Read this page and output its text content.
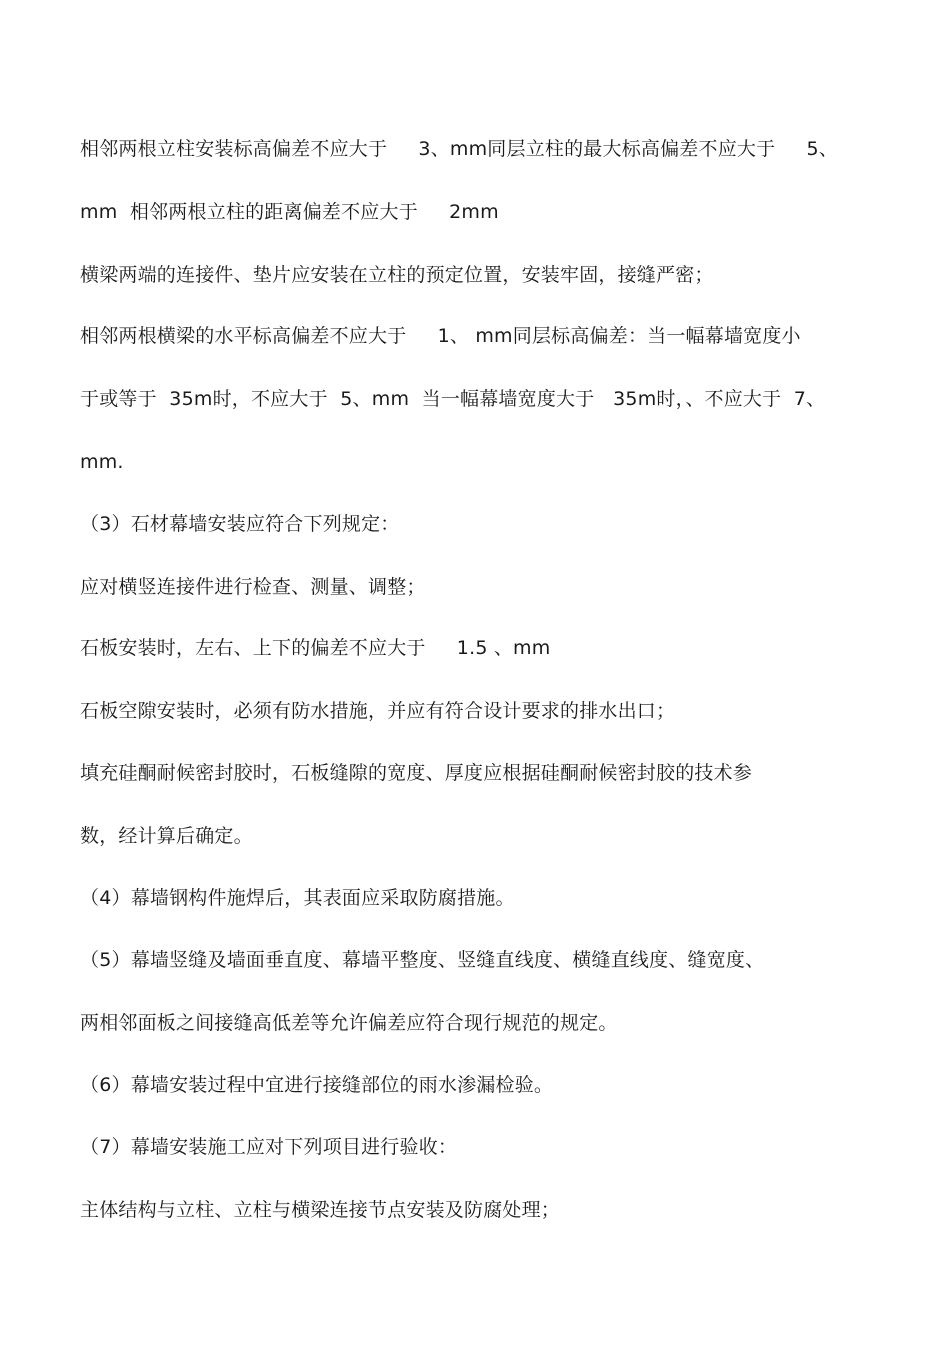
相邻两根立柱安装标高偏差不应大于     3、mm同层立柱的最大标高偏差不应大于     5、
mm  相邻两根立柱的距离偏差不应大于     2mm
横梁两端的连接件、垫片应安装在立柱的预定位置，安装牢固，接缝严密；
相邻两根横梁的水平标高偏差不应大于     1、 mm同层标高偏差：当一幅幕墙宽度小
于或等于  35m时，不应大于  5、mm  当一幅幕墙宽度大于   35m时，、不应大于  7、
mm.
（3）石材幕墙安装应符合下列规定：
应对横竖连接件进行检查、测量、调整；
石板安装时，左右、上下的偏差不应大于     1.5 、mm
石板空隙安装时，必须有防水措施，并应有符合设计要求的排水出口；
填充硅酮耐候密封胶时，石板缝隙的宽度、厚度应根据硅酮耐候密封胶的技术参
数，经计算后确定。
（4）幕墙钢构件施焊后，其表面应采取防腐措施。
（5）幕墙竖缝及墙面垂直度、幕墙平整度、竖缝直线度、横缝直线度、缝宽度、
两相邻面板之间接缝高低差等允许偏差应符合现行规范的规定。
（6）幕墙安装过程中宜进行接缝部位的雨水渗漏检验。
（7）幕墙安装施工应对下列项目进行验收：
主体结构与立柱、立柱与横梁连接节点安装及防腐处理；
